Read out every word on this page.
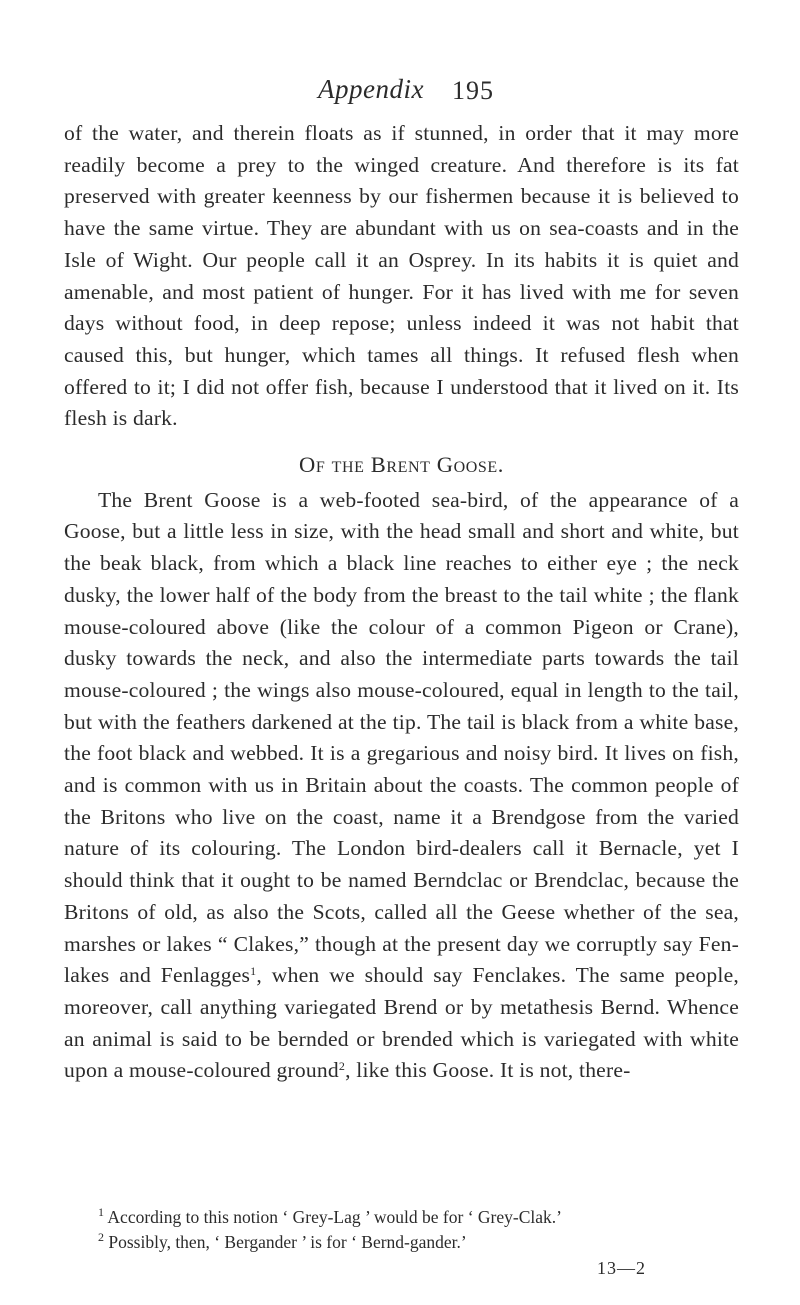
Appendix 195

of the water, and therein floats as if stunned, in order that it may more readily become a prey to the winged creature. And therefore is its fat preserved with greater keenness by our fishermen because it is believed to have the same virtue. They are abundant with us on sea-coasts and in the Isle of Wight. Our people call it an Osprey. In its habits it is quiet and amenable, and most patient of hunger. For it has lived with me for seven days without food, in deep repose; unless indeed it was not habit that caused this, but hunger, which tames all things. It refused flesh when offered to it; I did not offer fish, because I understood that it lived on it. Its flesh is dark.

Of the Brent Goose.

The Brent Goose is a web-footed sea-bird, of the appearance of a Goose, but a little less in size, with the head small and short and white, but the beak black, from which a black line reaches to either eye ; the neck dusky, the lower half of the body from the breast to the tail white ; the flank mouse-coloured above (like the colour of a common Pigeon or Crane), dusky towards the neck, and also the intermediate parts towards the tail mouse-coloured ; the wings also mouse-coloured, equal in length to the tail, but with the feathers darkened at the tip. The tail is black from a white base, the foot black and webbed. It is a gregarious and noisy bird. It lives on fish, and is common with us in Britain about the coasts. The common people of the Britons who live on the coast, name it a Brendgose from the varied nature of its colouring. The London bird-dealers call it Bernacle, yet I should think that it ought to be named Berndclac or Brendclac, because the Britons of old, as also the Scots, called all the Geese whether of the sea, marshes or lakes “ Clakes,” though at the present day we corruptly say Fen-lakes and Fenlagges$^1$, when we should say Fenclakes. The same people, moreover, call anything variegated Brend or by metathesis Bernd. Whence an animal is said to be bernded or brended which is variegated with white upon a mouse-coloured ground$^2$, like this Goose. It is not, there-

$^1$ According to this notion ‘ Grey-Lag ’ would be for ‘ Grey-Clak.’
$^2$ Possibly, then, ‘ Bergander ’ is for ‘ Bernd-gander.’
13—2
